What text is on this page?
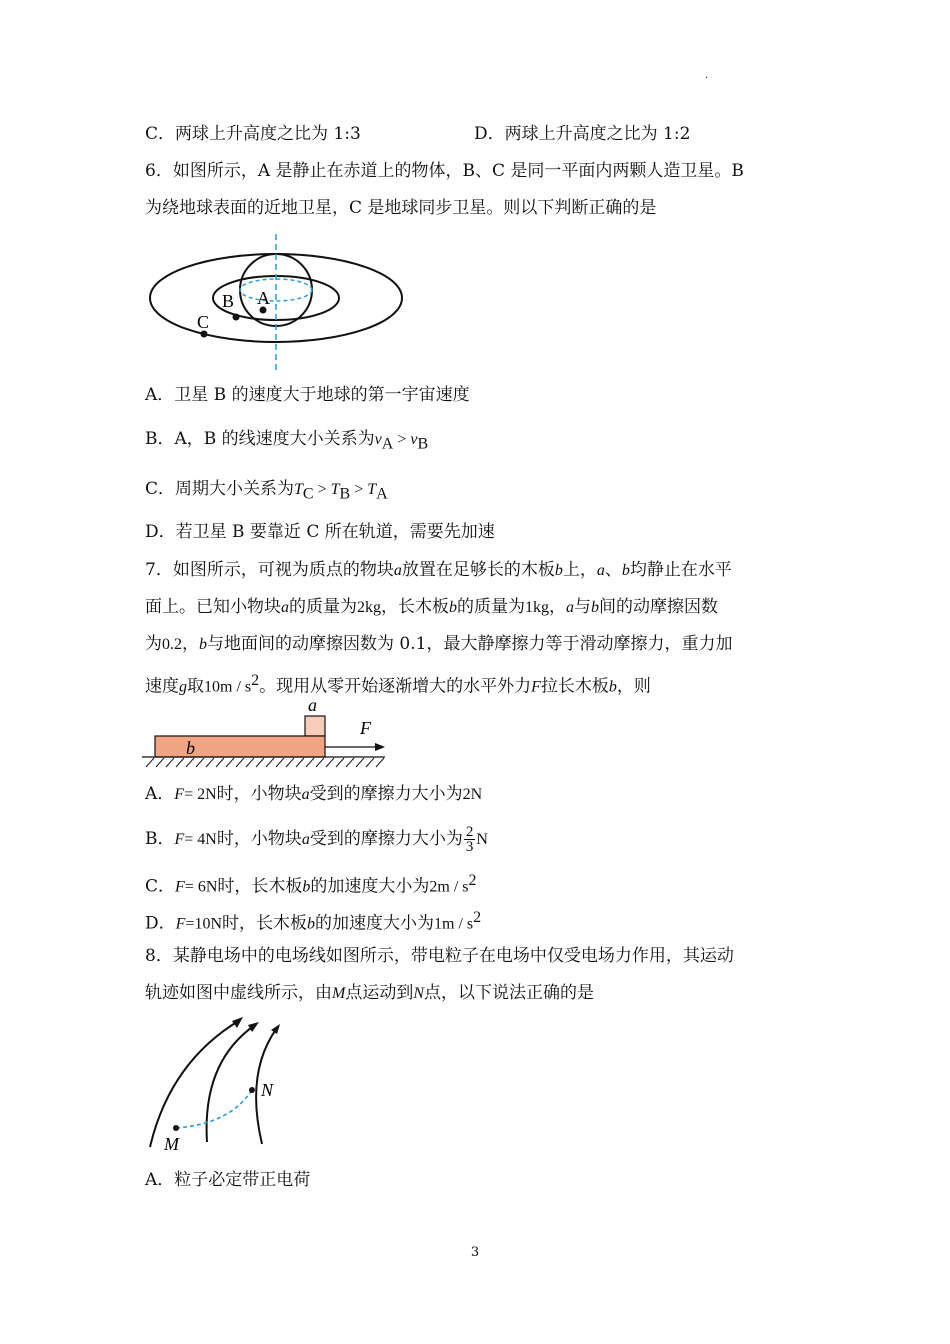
.
C．两球上升高度之比为 1:3	D．两球上升高度之比为 1:2
6．如图所示，A 是静止在赤道上的物体，B、C 是同一平面内两颗人造卫星。B
为绕地球表面的近地卫星，C 是地球同步卫星。则以下判断正确的是
A
B
C
A．卫星 B 的速度大于地球的第一宇宙速度
B．A，B 的线速度大小关系为$v_A > v_B$
C．周期大小关系为$T_C > T_B > T_A$
D．若卫星 B 要靠近 C 所在轨道，需要先加速
7．如图所示，可视为质点的物块a放置在足够长的木板b上，a、b均静止在水平
面上。已知小物块a的质量为2kg，长木板b的质量为1kg，a与b间的动摩擦因数
为0.2，b与地面间的动摩擦因数为 0.1，最大静摩擦力等于滑动摩擦力，重力加
速度g取$10m / s^2$。现用从零开始逐渐增大的水平外力F拉长木板b，则
a
b
F
A．F= 2N时，小物块a受到的摩擦力大小为2N
B．F= 4N时，小物块a受到的摩擦力大小为 $\frac{2}{3}$ N
C．F= 6N时，长木板b的加速度大小为$2m / s^2$
D．F=10N时，长木板b的加速度大小为$1m / s^2$
8．某静电场中的电场线如图所示，带电粒子在电场中仅受电场力作用，其运动
轨迹如图中虚线所示，由M点运动到N点，以下说法正确的是
M
N
A．粒子必定带正电荷
3
